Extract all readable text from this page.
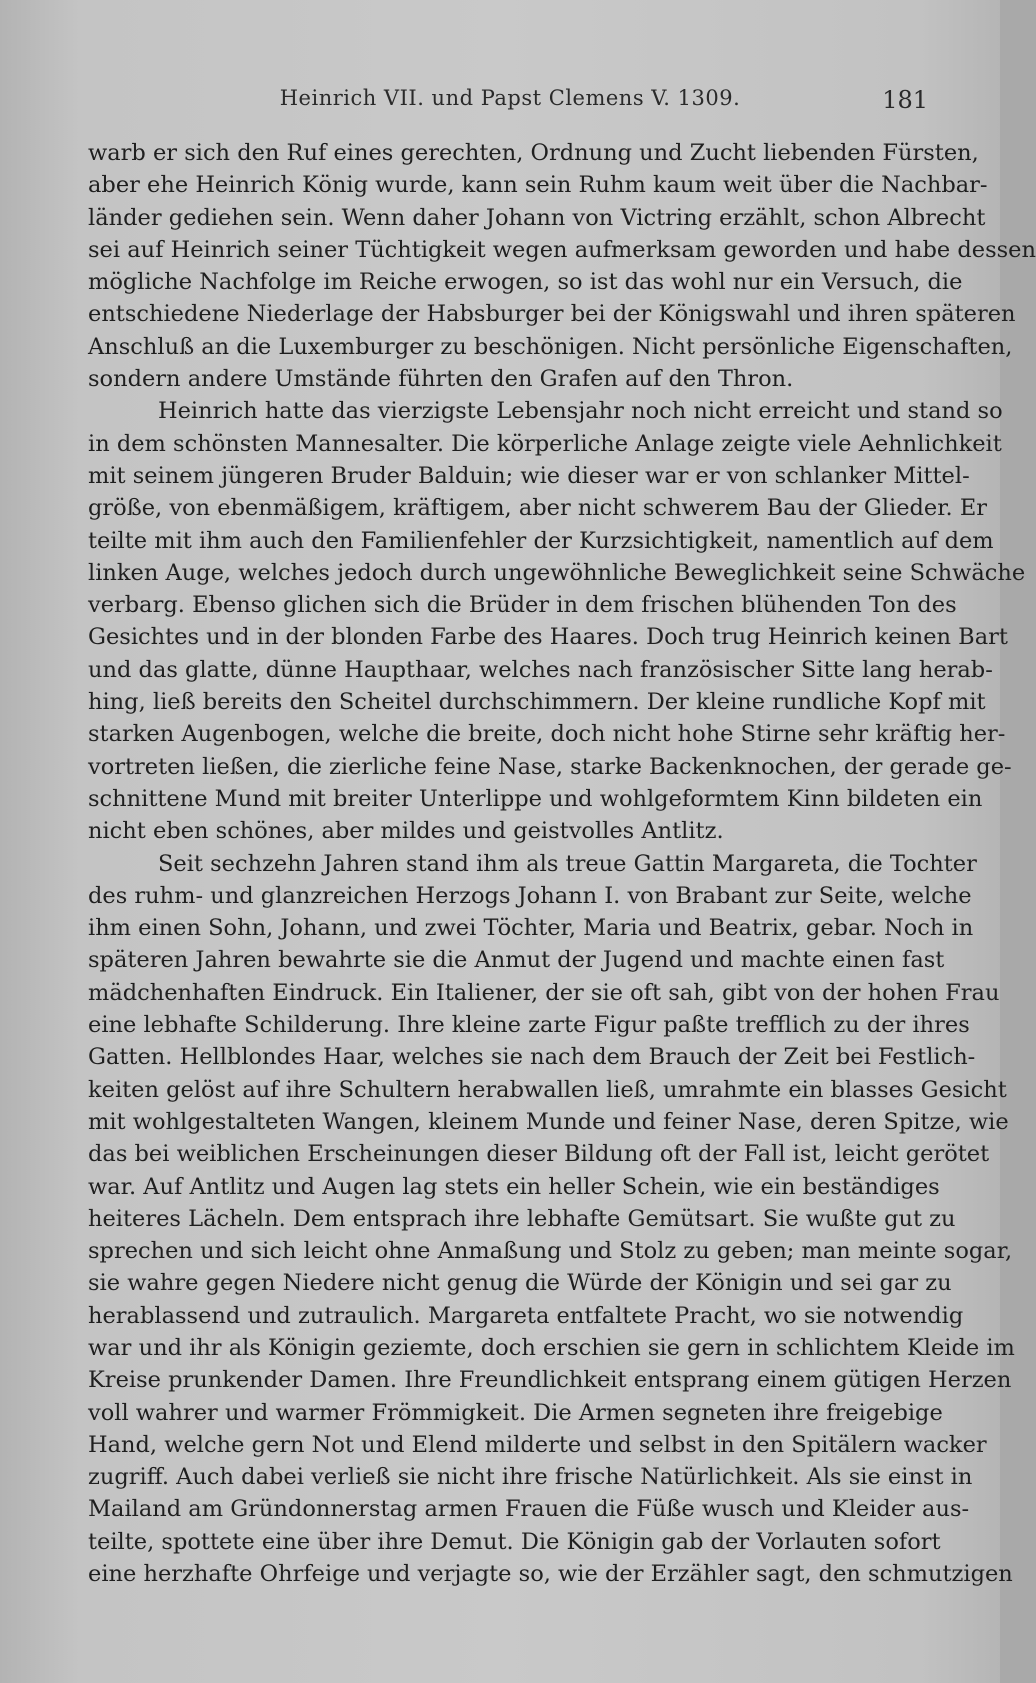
Heinrich VII. und Papst Clemens V. 1309.	181
warb er sich den Ruf eines gerechten, Ordnung und Zucht liebenden Fürsten,
aber ehe Heinrich König wurde, kann sein Ruhm kaum weit über die Nachbar-
länder gediehen sein. Wenn daher Johann von Victring erzählt, schon Albrecht
sei auf Heinrich seiner Tüchtigkeit wegen aufmerksam geworden und habe dessen
mögliche Nachfolge im Reiche erwogen, so ist das wohl nur ein Versuch, die
entschiedene Niederlage der Habsburger bei der Königswahl und ihren späteren
Anschluß an die Luxemburger zu beschönigen. Nicht persönliche Eigenschaften,
sondern andere Umstände führten den Grafen auf den Thron.
Heinrich hatte das vierzigste Lebensjahr noch nicht erreicht und stand so
in dem schönsten Mannesalter. Die körperliche Anlage zeigte viele Aehnlichkeit
mit seinem jüngeren Bruder Balduin; wie dieser war er von schlanker Mittel-
größe, von ebenmäßigem, kräftigem, aber nicht schwerem Bau der Glieder. Er
teilte mit ihm auch den Familienfehler der Kurzsichtigkeit, namentlich auf dem
linken Auge, welches jedoch durch ungewöhnliche Beweglichkeit seine Schwäche
verbarg. Ebenso glichen sich die Brüder in dem frischen blühenden Ton des
Gesichtes und in der blonden Farbe des Haares. Doch trug Heinrich keinen Bart
und das glatte, dünne Haupthaar, welches nach französischer Sitte lang herab-
hing, ließ bereits den Scheitel durchschimmern. Der kleine rundliche Kopf mit
starken Augenbogen, welche die breite, doch nicht hohe Stirne sehr kräftig her-
vortreten ließen, die zierliche feine Nase, starke Backenknochen, der gerade ge-
schnittene Mund mit breiter Unterlippe und wohlgeformtem Kinn bildeten ein
nicht eben schönes, aber mildes und geistvolles Antlitz.
Seit sechzehn Jahren stand ihm als treue Gattin Margareta, die Tochter
des ruhm- und glanzreichen Herzogs Johann I. von Brabant zur Seite, welche
ihm einen Sohn, Johann, und zwei Töchter, Maria und Beatrix, gebar. Noch in
späteren Jahren bewahrte sie die Anmut der Jugend und machte einen fast
mädchenhaften Eindruck. Ein Italiener, der sie oft sah, gibt von der hohen Frau
eine lebhafte Schilderung. Ihre kleine zarte Figur paßte trefflich zu der ihres
Gatten. Hellblondes Haar, welches sie nach dem Brauch der Zeit bei Festlich-
keiten gelöst auf ihre Schultern herabwallen ließ, umrahmte ein blasses Gesicht
mit wohlgestalteten Wangen, kleinem Munde und feiner Nase, deren Spitze, wie
das bei weiblichen Erscheinungen dieser Bildung oft der Fall ist, leicht gerötet
war. Auf Antlitz und Augen lag stets ein heller Schein, wie ein beständiges
heiteres Lächeln. Dem entsprach ihre lebhafte Gemütsart. Sie wußte gut zu
sprechen und sich leicht ohne Anmaßung und Stolz zu geben; man meinte sogar,
sie wahre gegen Niedere nicht genug die Würde der Königin und sei gar zu
herablassend und zutraulich. Margareta entfaltete Pracht, wo sie notwendig
war und ihr als Königin geziemte, doch erschien sie gern in schlichtem Kleide im
Kreise prunkender Damen. Ihre Freundlichkeit entsprang einem gütigen Herzen
voll wahrer und warmer Frömmigkeit. Die Armen segneten ihre freigebige
Hand, welche gern Not und Elend milderte und selbst in den Spitälern wacker
zugriff. Auch dabei verließ sie nicht ihre frische Natürlichkeit. Als sie einst in
Mailand am Gründonnerstag armen Frauen die Füße wusch und Kleider aus-
teilte, spottete eine über ihre Demut. Die Königin gab der Vorlauten sofort
eine herzhafte Ohrfeige und verjagte so, wie der Erzähler sagt, den schmutzigen
